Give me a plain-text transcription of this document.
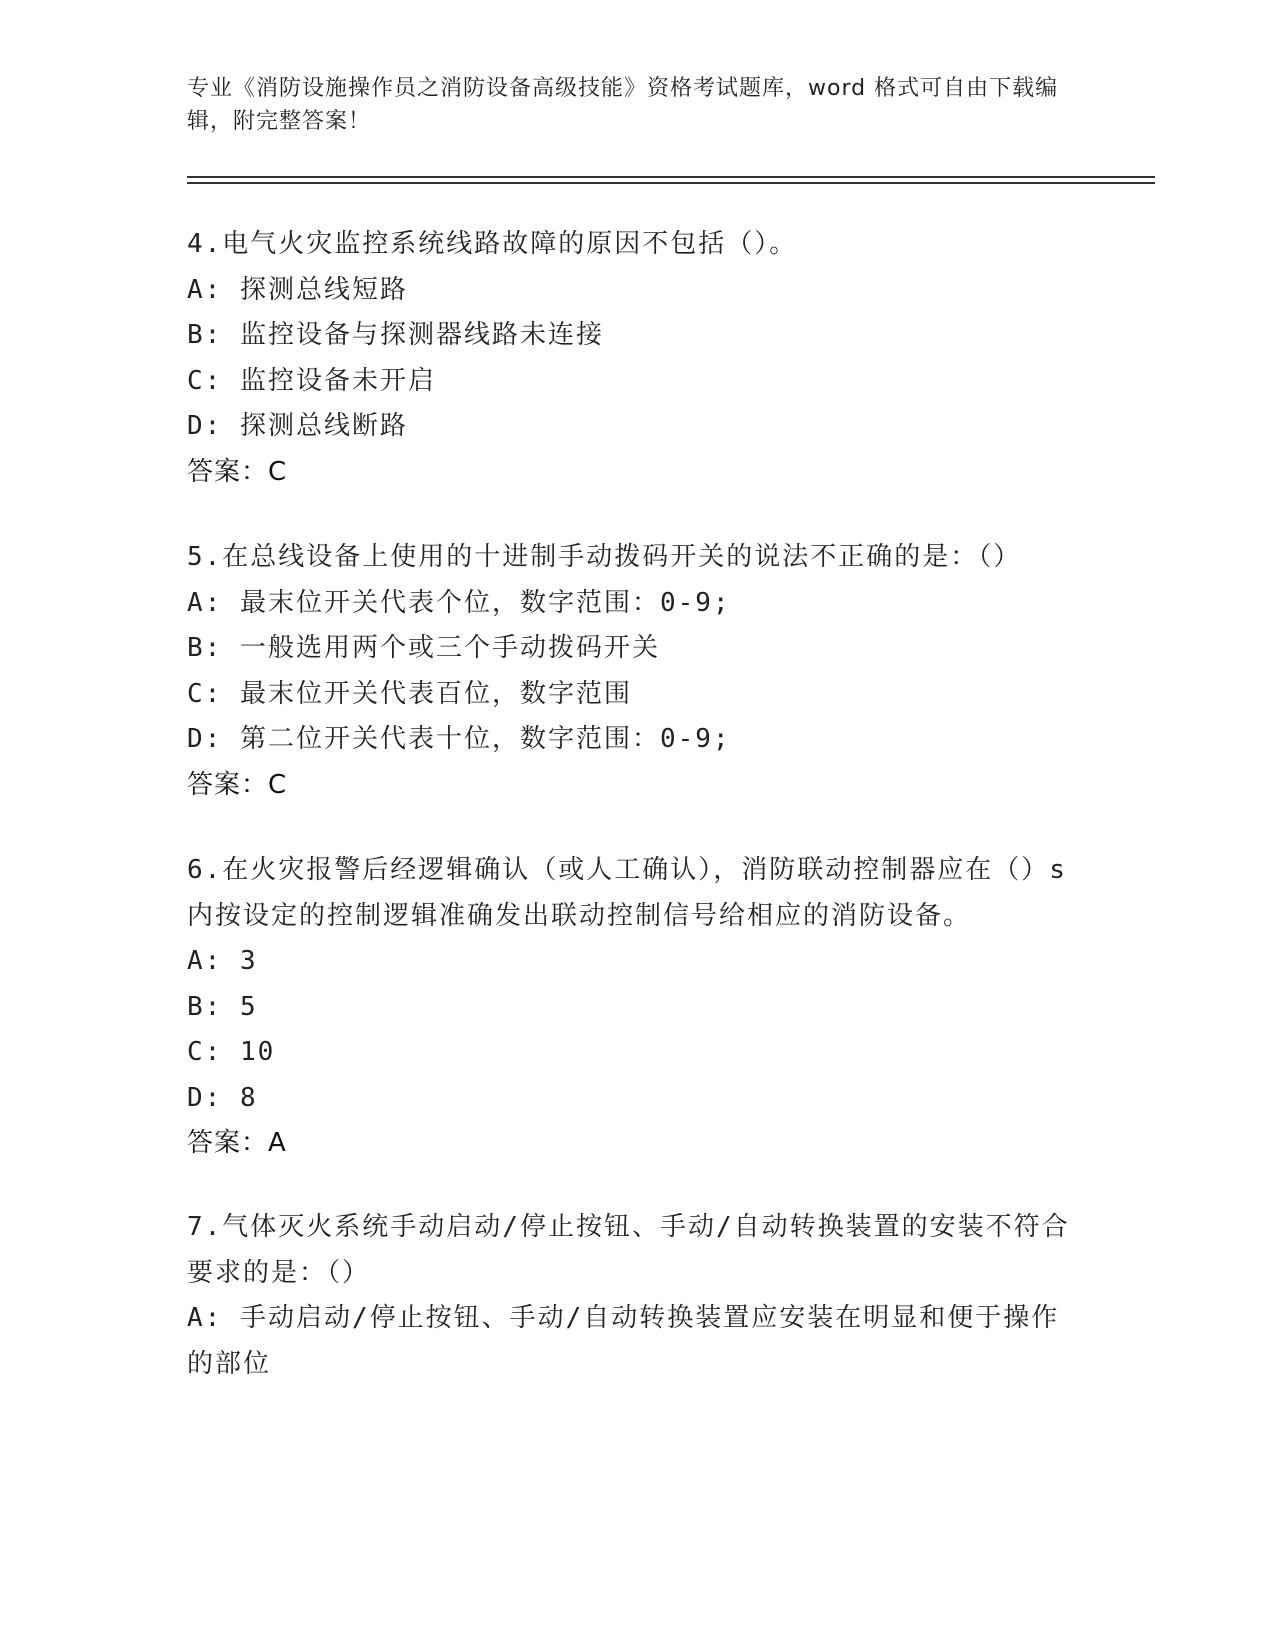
专业《消防设施操作员之消防设备高级技能》资格考试题库，word 格式可自由下载编辑，附完整答案！
4.电气火灾监控系统线路故障的原因不包括（）。
A: 探测总线短路
B: 监控设备与探测器线路未连接
C: 监控设备未开启
D: 探测总线断路
答案：C
5.在总线设备上使用的十进制手动拨码开关的说法不正确的是：（）
A: 最末位开关代表个位，数字范围：0-9;
B: 一般选用两个或三个手动拨码开关
C: 最末位开关代表百位，数字范围
D: 第二位开关代表十位，数字范围：0-9;
答案：C
6.在火灾报警后经逻辑确认（或人工确认），消防联动控制器应在（）s 内按设定的控制逻辑准确发出联动控制信号给相应的消防设备。
A: 3
B: 5
C: 10
D: 8
答案：A
7.气体灭火系统手动启动/停止按钮、手动/自动转换装置的安装不符合要求的是：（）
A: 手动启动/停止按钮、手动/自动转换装置应安装在明显和便于操作的部位
